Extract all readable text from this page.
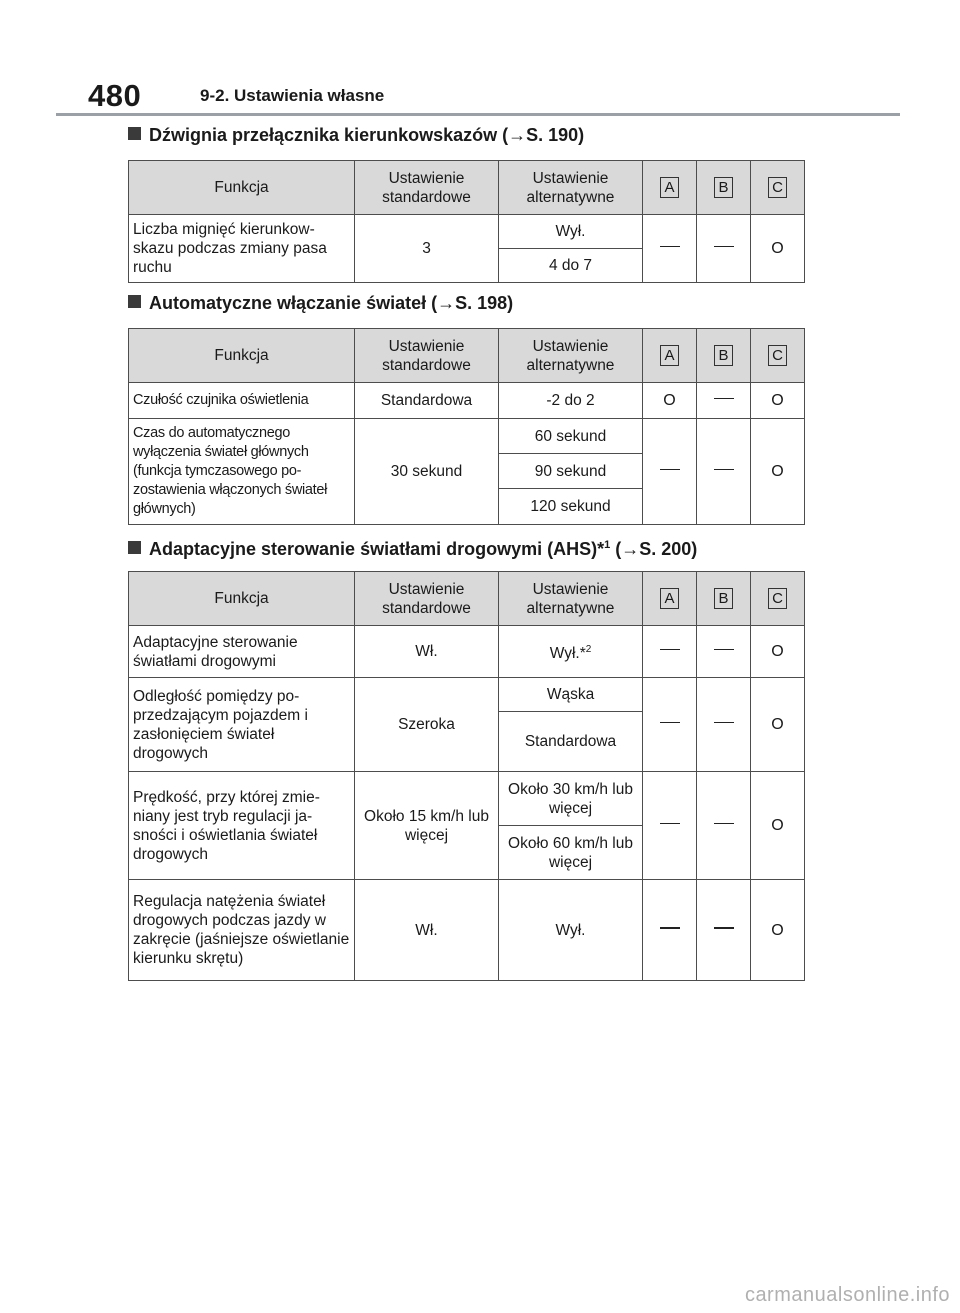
480	9-2. Ustawienia własne
Dźwignia przełącznika kierunkowskazów (→S. 190)
Funkcja	Ustawienie standardowe	Ustawienie alternatywne	A	B	C
Liczba mignięć kierunkow-skazu podczas zmiany pasa ruchu	3	Wył.			O
		4 do 7			
Automatyczne włączanie świateł (→S. 198)
Funkcja	Ustawienie standardowe	Ustawienie alternatywne	A	B	C
Czułość czujnika oświetlenia	Standardowa	-2 do 2	O		O
Czas do automatycznego wyłączenia świateł głównych (funkcja tymczasowego po-zostawienia włączonych świateł głównych)	30 sekund	60 sekund			O
		90 sekund			
		120 sekund			
Adaptacyjne sterowanie światłami drogowymi (AHS)*$^1$ (→S. 200)
Funkcja	Ustawienie standardowe	Ustawienie alternatywne	A	B	C
Adaptacyjne sterowanie światłami drogowymi	Wł.	Wył.*$^2$			O
Odległość pomiędzy po-przedzającym pojazdem i zasłonięciem świateł drogowych	Szeroka	Wąska			O
		Standardowa			
Prędkość, przy której zmie-niany jest tryb regulacji ja-sności i oświetlania świateł drogowych	Około 15 km/h lub więcej	Około 30 km/h lub więcej			O
		Około 60 km/h lub więcej			
Regulacja natężenia świateł drogowych podczas jazdy w zakręcie (jaśniejsze oświetlanie kierunku skrętu)	Wł.	Wył.			O
carmanualsonline.info
